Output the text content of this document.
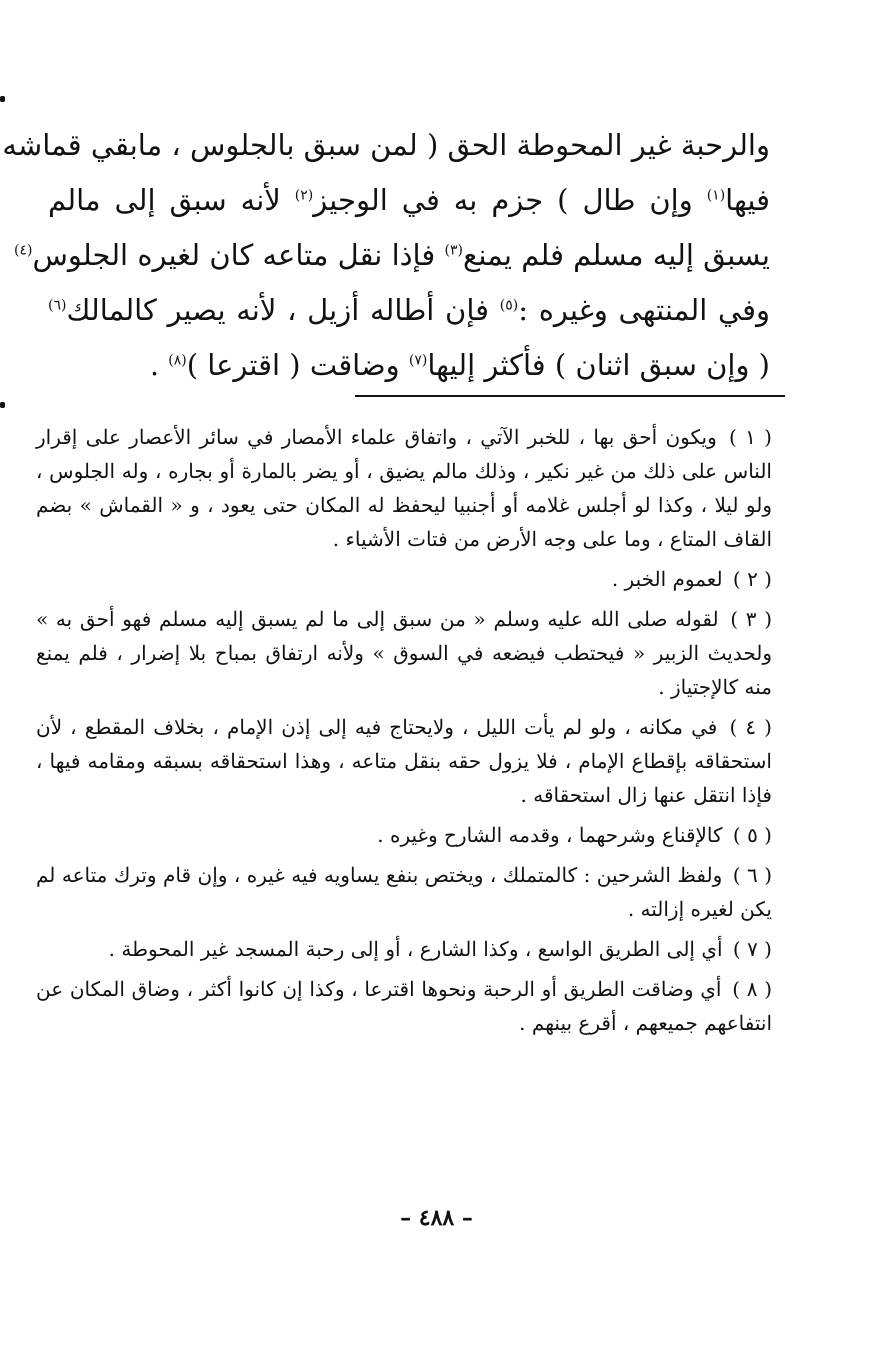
والرحبة غير المحوطة الحق ( لمن سبق بالجلوس ، مابقي قماشه
فيها$^{(١)}$ وإن طال ) جزم به في الوجيز$^{(٢)}$ لأنه سبق إلى مالم
يسبق إليه مسلم فلم يمنع$^{(٣)}$ فإذا نقل متاعه كان لغيره الجلوس$^{(٤)}$
وفي المنتهى وغيره :$^{(٥)}$ فإن أطاله أزيل ، لأنه يصير كالمالك$^{(٦)}$
( وإن سبق اثنان ) فأكثر إليها$^{(٧)}$ وضاقت ( اقترعا )$^{(٨)}$ .

( ١ ) ويكون أحق بها ، للخبر الآتي ، واتفاق علماء الأمصار في سائر الأعصار على إقرار الناس على ذلك من غير نكير ، وذلك مالم يضيق ، أو يضر بالمارة أو بجاره ، وله الجلوس ، ولو ليلا ، وكذا لو أجلس غلامه أو أجنبيا ليحفظ له المكان حتى يعود ، و « القماش » بضم القاف المتاع ، وما على وجه الأرض من فتات الأشياء .

( ٢ ) لعموم الخبر .

( ٣ ) لقوله صلى الله عليه وسلم « من سبق إلى ما لم يسبق إليه مسلم فهو أحق به » ولحديث الزبير « فيحتطب فيضعه في السوق » ولأنه ارتفاق بمباح بلا إضرار ، فلم يمنع منه كالإجتياز .

( ٤ ) في مكانه ، ولو لم يأت الليل ، ولايحتاج فيه إلى إذن الإمام ، بخلاف المقطع ، لأن استحقاقه بإقطاع الإمام ، فلا يزول حقه بنقل متاعه ، وهذا استحقاقه بسبقه ومقامه فيها ، فإذا انتقل عنها زال استحقاقه .

( ٥ ) كالإقناع وشرحهما ، وقدمه الشارح وغيره .

( ٦ ) ولفظ الشرحين : كالمتملك ، ويختص بنفع يساويه فيه غيره ، وإن قام وترك متاعه لم يكن لغيره إزالته .

( ٧ ) أي إلى الطريق الواسع ، وكذا الشارع ، أو إلى رحبة المسجد غير المحوطة .

( ٨ ) أي وضاقت الطريق أو الرحبة ونحوها اقترعا ، وكذا إن كانوا أكثر ، وضاق المكان عن انتفاعهم جميعهم ، أقرع بينهم .

– ٤٨٨ –
